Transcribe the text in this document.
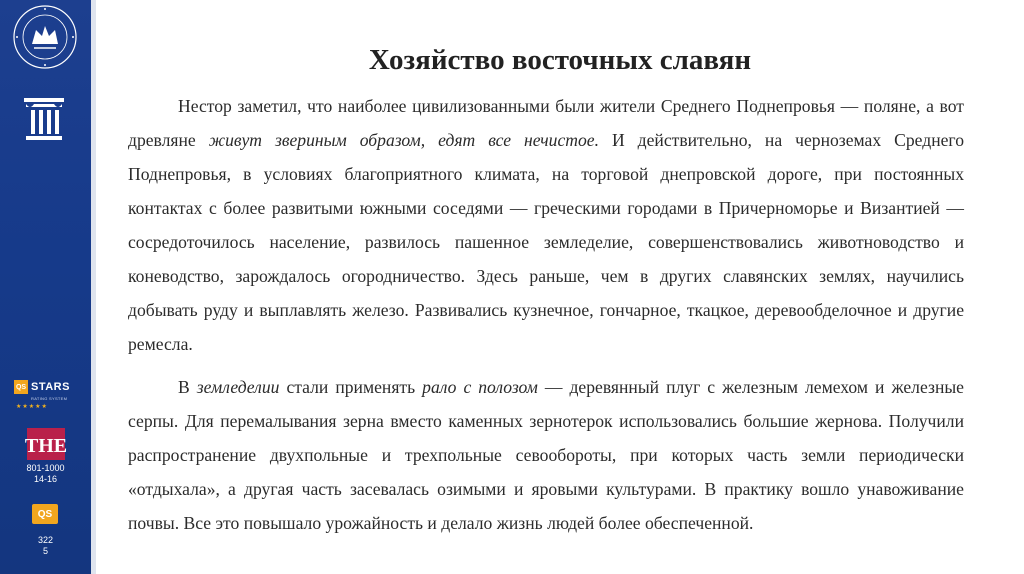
QS STARS
RATING SYSTEM
★★★★★
THE
801-1000
14-16
QS
322
5
Хозяйство восточных славян

Нестор заметил, что наиболее цивилизованными были жители Среднего Поднепровья — поляне, а вот древляне живут звериным образом, едят все нечистое. И действительно, на черноземах Среднего Поднепровья, в условиях благоприятного климата, на торговой днепровской дороге, при постоянных контактах с более развитыми южными соседями — греческими городами в Причерноморье и Византией — сосредоточилось население, развилось пашенное земледелие, совершенствовались животноводство и коневодство, зарождалось огородничество. Здесь раньше, чем в других славянских землях, научились добывать руду и выплавлять железо. Развивались кузнечное, гончарное, ткацкое, деревообделочное и другие ремесла.

В земледелии стали применять рало с полозом — деревянный плуг с железным лемехом и железные серпы. Для перемалывания зерна вместо каменных зернотерок использовались большие жернова. Получили распространение двухпольные и трехпольные севообороты, при которых часть земли периодически «отдыхала», а другая часть засевалась озимыми и яровыми культурами. В практику вошло унавоживание почвы. Все это повышало урожайность и делало жизнь людей более обеспеченной.
